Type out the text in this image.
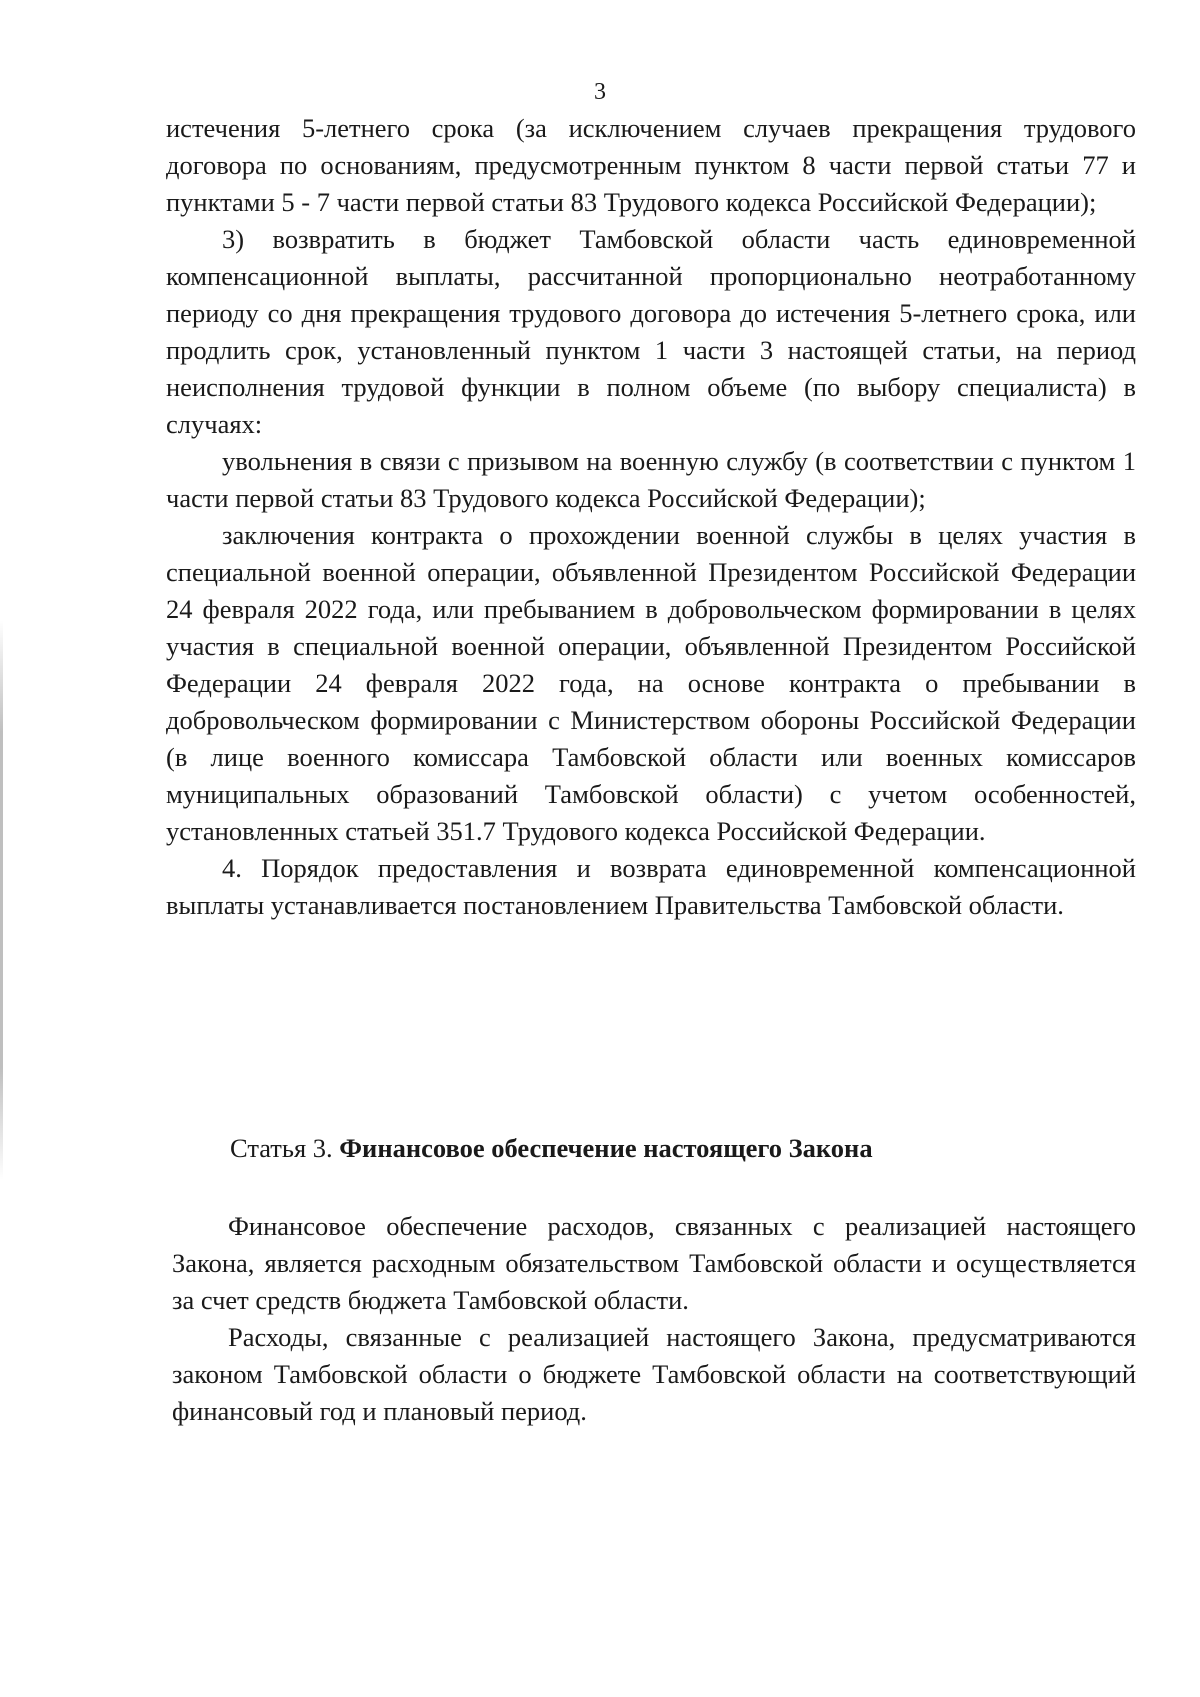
3

истечения 5-летнего срока (за исключением случаев прекращения трудового договора по основаниям, предусмотренным пунктом 8 части первой статьи 77 и пунктами 5 - 7 части первой статьи 83 Трудового кодекса Российской Федерации);

3) возвратить в бюджет Тамбовской области часть единовременной компенсационной выплаты, рассчитанной пропорционально неотработанному периоду со дня прекращения трудового договора до истечения 5-летнего срока, или продлить срок, установленный пунктом 1 части 3 настоящей статьи, на период неисполнения трудовой функции в полном объеме (по выбору специалиста) в случаях:

увольнения в связи с призывом на военную службу (в соответствии с пунктом 1 части первой статьи 83 Трудового кодекса Российской Федерации);

заключения контракта о прохождении военной службы в целях участия в специальной военной операции, объявленной Президентом Российской Федерации 24 февраля 2022 года, или пребыванием в добровольческом формировании в целях участия в специальной военной операции, объявленной Президентом Российской Федерации 24 февраля 2022 года, на основе контракта о пребывании в добровольческом формировании с Министерством обороны Российской Федерации (в лице военного комиссара Тамбовской области или военных комиссаров муниципальных образований Тамбовской области) с учетом особенностей, установленных статьей 351.7 Трудового кодекса Российской Федерации.

4. Порядок предоставления и возврата единовременной компенсационной выплаты устанавливается постановлением Правительства Тамбовской области.

Статья 3. Финансовое обеспечение настоящего Закона

Финансовое обеспечение расходов, связанных с реализацией настоящего Закона, является расходным обязательством Тамбовской области и осуществляется за счет средств бюджета Тамбовской области.

Расходы, связанные с реализацией настоящего Закона, предусматриваются законом Тамбовской области о бюджете Тамбовской области на соответствующий финансовый год и плановый период.
